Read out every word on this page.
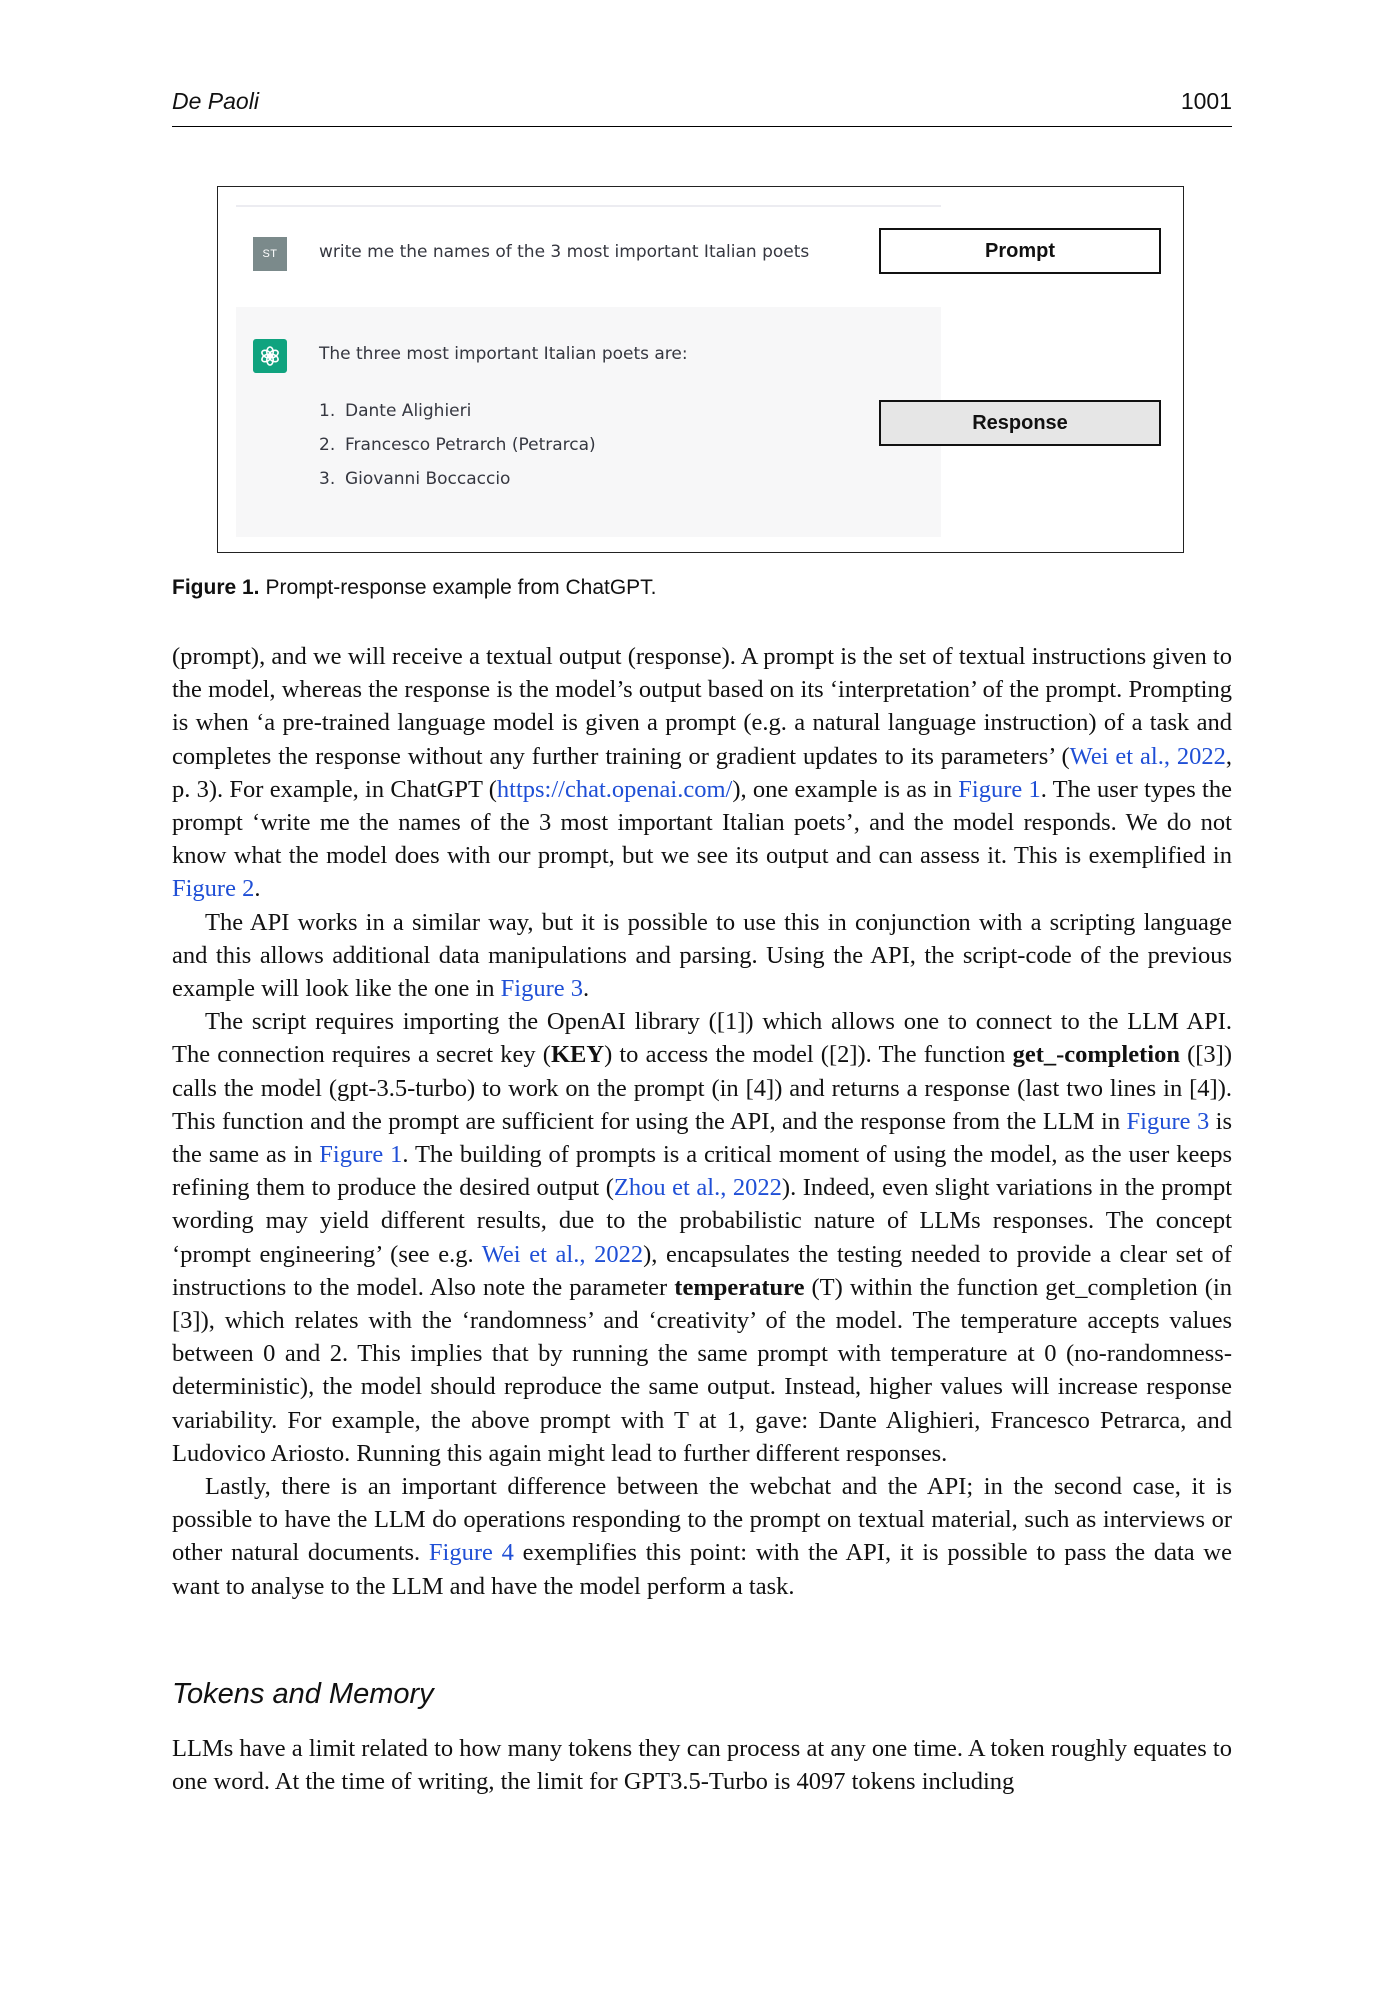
De Paoli	1001
ST	write me the names of the 3 most important Italian poets
The three most important Italian poets are:
1. Dante Alighieri
2. Francesco Petrarch (Petrarca)
3. Giovanni Boccaccio
Prompt
Response
Figure 1. Prompt-response example from ChatGPT.

(prompt), and we will receive a textual output (response). A prompt is the set of textual instructions given to the model, whereas the response is the model’s output based on its ‘interpretation’ of the prompt. Prompting is when ‘a pre-trained language model is given a prompt (e.g. a natural language instruction) of a task and completes the response without any further training or gradient updates to its parameters’ (Wei et al., 2022, p. 3). For example, in ChatGPT (https://chat.openai.com/), one example is as in Figure 1. The user types the prompt ‘write me the names of the 3 most important Italian poets’, and the model responds. We do not know what the model does with our prompt, but we see its output and can assess it. This is exemplified in Figure 2.

The API works in a similar way, but it is possible to use this in conjunction with a scripting language and this allows additional data manipulations and parsing. Using the API, the script-code of the previous example will look like the one in Figure 3.

The script requires importing the OpenAI library ([1]) which allows one to connect to the LLM API. The connection requires a secret key (KEY) to access the model ([2]). The function get_-completion ([3]) calls the model (gpt-3.5-turbo) to work on the prompt (in [4]) and returns a response (last two lines in [4]). This function and the prompt are sufficient for using the API, and the response from the LLM in Figure 3 is the same as in Figure 1. The building of prompts is a critical moment of using the model, as the user keeps refining them to produce the desired output (Zhou et al., 2022). Indeed, even slight variations in the prompt wording may yield different results, due to the probabilistic nature of LLMs responses. The concept ‘prompt engineering’ (see e.g. Wei et al., 2022), encapsulates the testing needed to provide a clear set of instructions to the model. Also note the parameter temperature (T) within the function get_completion (in [3]), which relates with the ‘randomness’ and ‘creativity’ of the model. The temperature accepts values between 0 and 2. This implies that by running the same prompt with temperature at 0 (no-randomness-deterministic), the model should reproduce the same output. Instead, higher values will increase response variability. For example, the above prompt with T at 1, gave: Dante Alighieri, Francesco Petrarca, and Ludovico Ariosto. Running this again might lead to further different responses.

Lastly, there is an important difference between the webchat and the API; in the second case, it is possible to have the LLM do operations responding to the prompt on textual material, such as interviews or other natural documents. Figure 4 exemplifies this point: with the API, it is possible to pass the data we want to analyse to the LLM and have the model perform a task.

Tokens and Memory

LLMs have a limit related to how many tokens they can process at any one time. A token roughly equates to one word. At the time of writing, the limit for GPT3.5-Turbo is 4097 tokens including
